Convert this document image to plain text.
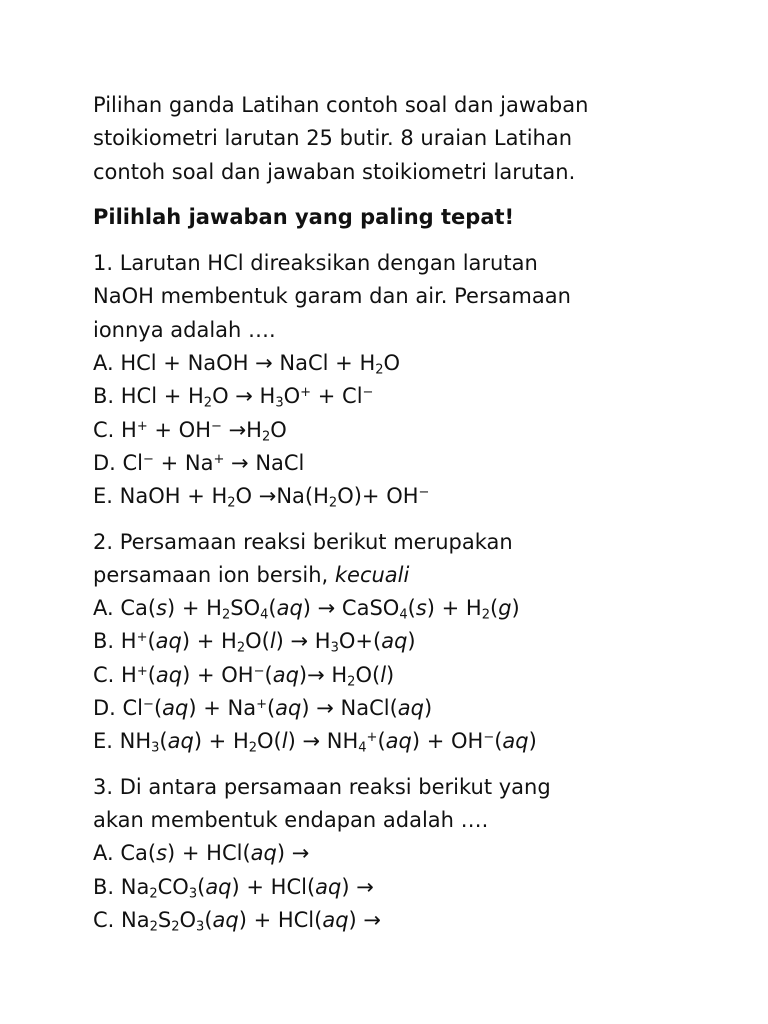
Pilihan ganda Latihan contoh soal dan jawaban
stoikiometri larutan 25 butir. 8 uraian Latihan
contoh soal dan jawaban stoikiometri larutan.

Pilihlah jawaban yang paling tepat!

1. Larutan HCl direaksikan dengan larutan
NaOH membentuk garam dan air. Persamaan
ionnya adalah ….
A. HCl + NaOH → NaCl + $H_2O$
B. HCl + $H_2O \to H_3O^+ + Cl^-$
C. $H^+ + OH^- \to H_2O$
D. Cl− + Na+ → NaCl
E. NaOH + $H_2O \to Na(H_2O)+ OH^-$
2. Persamaan reaksi berikut merupakan
persamaan ion bersih, kecuali
A. $Ca(s) + H_2SO_4(aq)$ → CaSO$_4$(s) + $H_2(g)$
B. $H^+(aq) + H_2O(l) \to H_3O+(aq)$
C. $H^+(aq) + OH^-(aq)\to H_2O(l)$
D. Cl−(aq) + Na+(aq) → NaCl(aq)
E. $NH_3(aq) + H_2O(l) \to NH_4^+(aq) + OH^-(aq)$
3. Di antara persamaan reaksi berikut yang
akan membentuk endapan adalah ….
A. Ca(s) + HCl(aq) →
B. $Na_2CO_3(aq) + HCl(aq)$ →
C. $Na_2S_2O_3(aq) + HCl(aq)$ →
